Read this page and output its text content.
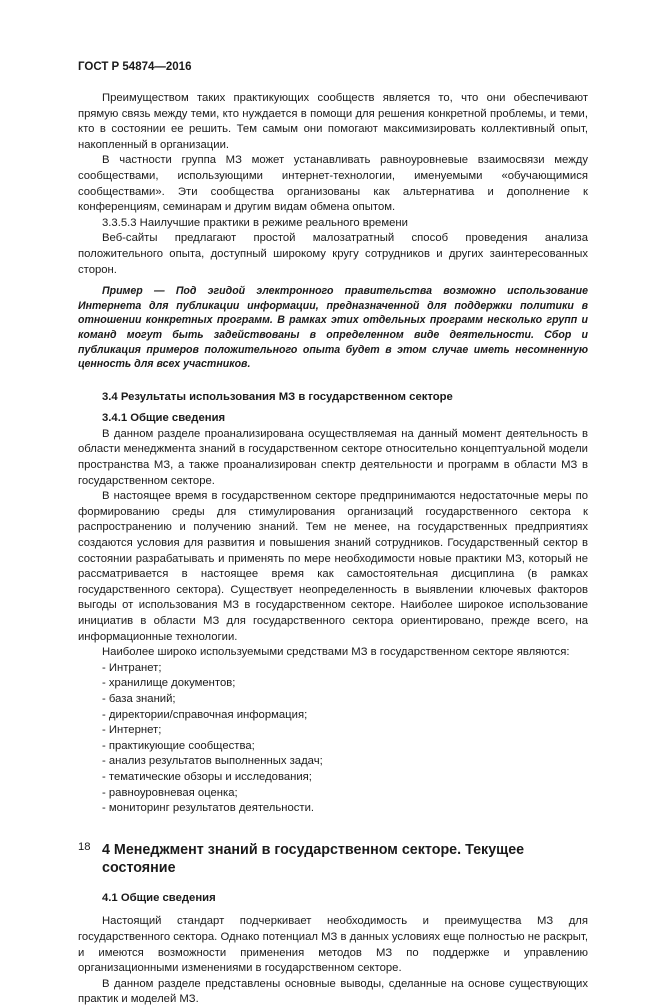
ГОСТ Р 54874—2016

Преимуществом таких практикующих сообществ является то, что они обеспечивают прямую связь между теми, кто нуждается в помощи для решения конкретной проблемы, и теми, кто в состоянии ее решить. Тем самым они помогают максимизировать коллективный опыт, накопленный в организации.

В частности группа МЗ может устанавливать равноуровневые взаимосвязи между сообществами, использующими интернет-технологии, именуемыми «обучающимися сообществами». Эти сообщества организованы как альтернатива и дополнение к конференциям, семинарам и другим видам обмена опытом.

3.3.5.3 Наилучшие практики в режиме реального времени

Веб-сайты предлагают простой малозатратный способ проведения анализа положительного опыта, доступный широкому кругу сотрудников и других заинтересованных сторон.

Пример — Под эгидой электронного правительства возможно использование Интернета для публикации информации, предназначенной для поддержки политики в отношении конкретных программ. В рамках этих отдельных программ несколько групп и команд могут быть задействованы в определенном виде деятельности. Сбор и публикация примеров положительного опыта будет в этом случае иметь несомненную ценность для всех участников.

3.4 Результаты использования МЗ в государственном секторе
3.4.1 Общие сведения

В данном разделе проанализирована осуществляемая на данный момент деятельность в области менеджмента знаний в государственном секторе относительно концептуальной модели пространства МЗ, а также проанализирован спектр деятельности и программ в области МЗ в государственном секторе.

В настоящее время в государственном секторе предпринимаются недостаточные меры по формированию среды для стимулирования организаций государственного сектора к распространению и получению знаний. Тем не менее, на государственных предприятиях создаются условия для развития и повышения знаний сотрудников. Государственный сектор в состоянии разрабатывать и применять по мере необходимости новые практики МЗ, который не рассматривается в настоящее время как самостоятельная дисциплина (в рамках государственного сектора). Существует неопределенность в выявлении ключевых факторов выгоды от использования МЗ в государственном секторе. Наиболее широкое использование инициатив в области МЗ для государственного сектора ориентировано, прежде всего, на информационные технологии.

Наиболее широко используемыми средствами МЗ в государственном секторе являются:

- Интранет;
- хранилище документов;
- база знаний;
- директории/справочная информация;
- Интернет;
- практикующие сообщества;
- анализ результатов выполненных задач;
- тематические обзоры и исследования;
- равноуровневая оценка;
- мониторинг результатов деятельности.
4 Менеджмент знаний в государственном секторе. Текущее состояние
4.1 Общие сведения

Настоящий стандарт подчеркивает необходимость и преимущества МЗ для государственного сектора. Однако потенциал МЗ в данных условиях еще полностью не раскрыт, и имеются возможности применения методов МЗ по поддержке и управлению организационными изменениями в государственном секторе.

В данном разделе представлены основные выводы, сделанные на основе существующих практик и моделей МЗ.

18
